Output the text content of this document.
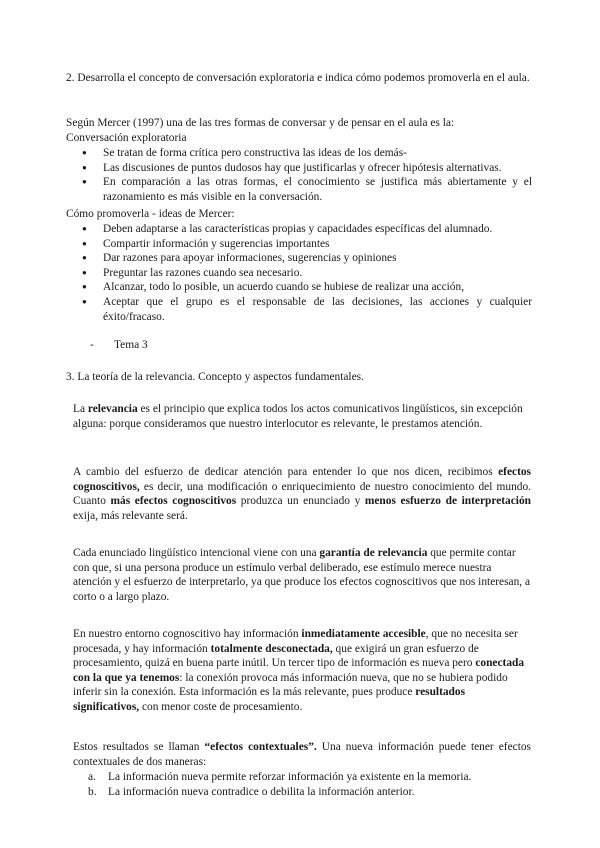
2. Desarrolla el concepto de conversación exploratoria e indica cómo podemos promoverla en el aula.

Según Mercer (1997) una de las tres formas de conversar y de pensar en el aula es la:

Conversación exploratoria

● Se tratan de forma crítica pero constructiva las ideas de los demás-
● Las discusiones de puntos dudosos hay que justificarlas y ofrecer hipótesis alternativas.
● En comparación a las otras formas, el conocimiento se justifica más abiertamente y el razonamiento es más visible en la conversación.

Cómo promoverla - ideas de Mercer:

● Deben adaptarse a las características propias y capacidades específicas del alumnado.
● Compartir información y sugerencias importantes
● Dar razones para apoyar informaciones, sugerencias y opiniones
● Preguntar las razones cuando sea necesario.
● Alcanzar, todo lo posible, un acuerdo cuando se hubiese de realizar una acción,
● Aceptar que el grupo es el responsable de las decisiones, las acciones y cualquier éxito/fracaso.

- Tema 3

3. La teoría de la relevancia. Concepto y aspectos fundamentales.

La relevancia es el principio que explica todos los actos comunicativos lingüísticos, sin excepción alguna: porque consideramos que nuestro interlocutor es relevante, le prestamos atención.

A cambio del esfuerzo de dedicar atención para entender lo que nos dicen, recibimos efectos cognoscitivos, es decir, una modificación o enriquecimiento de nuestro conocimiento del mundo. Cuanto más efectos cognoscitivos produzca un enunciado y menos esfuerzo de interpretación exija, más relevante será.

Cada enunciado lingüístico intencional viene con una garantía de relevancia que permite contar con que, si una persona produce un estímulo verbal deliberado, ese estímulo merece nuestra atención y el esfuerzo de interpretarlo, ya que produce los efectos cognoscitivos que nos interesan, a corto o a largo plazo.

En nuestro entorno cognoscitivo hay información inmediatamente accesible, que no necesita ser procesada, y hay información totalmente desconectada, que exigirá un gran esfuerzo de procesamiento, quizá en buena parte inútil. Un tercer tipo de información es nueva pero conectada con la que ya tenemos: la conexión provoca más información nueva, que no se hubiera podido inferir sin la conexión. Esta información es la más relevante, pues produce resultados significativos, con menor coste de procesamiento.

Estos resultados se llaman “efectos contextuales”. Una nueva información puede tener efectos contextuales de dos maneras:

a. La información nueva permite reforzar información ya existente en la memoria.
b. La información nueva contradice o debilita la información anterior.
